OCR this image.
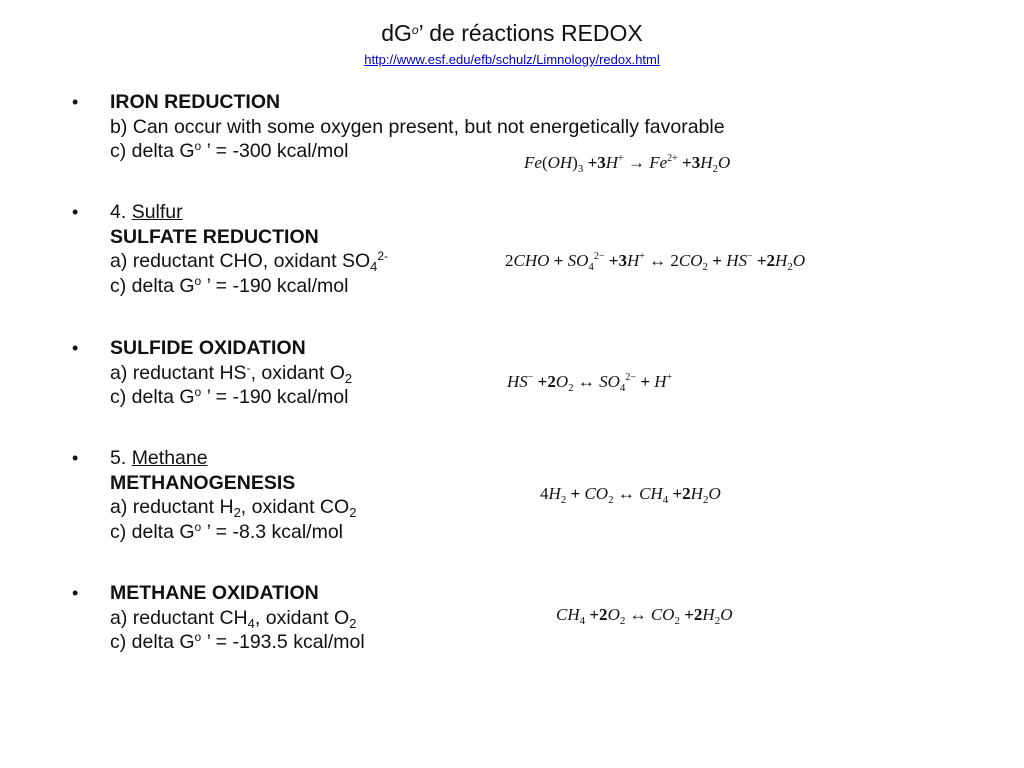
$dG^o$’ de réactions REDOX
http://www.esf.edu/efb/schulz/Limnology/redox.html
• IRON REDUCTION
b) Can occur with some oxygen present, but not energetically favorable
c) delta $G^o$ ’ = -300 kcal/mol
$Fe(OH)_3 +3H^+ \to Fe^{2+} +3H_2O$
• 4. Sulfur
SULFATE REDUCTION
a) reductant CHO, oxidant $SO_4^{2-}$
c) delta $G^o$ ’ = -190 kcal/mol
$2CHO + SO_4^{2-} +3H^+$ ↔ $2CO_2 + HS^- +2H_2O$
• SULFIDE OXIDATION
a) reductant HS-, oxidant $O_2$
c) delta $G^o$ ’ = -190 kcal/mol
$HS^- +2O_2$ ↔ $SO_4^{2-} + H^+$
• 5. Methane
METHANOGENESIS
a) reductant $H_2$, oxidant $CO_2$
c) delta $G^o$ ’ = -8.3 kcal/mol
$4H_2 + CO_2$ ↔ $CH_4 +2H_2O$
• METHANE OXIDATION
a) reductant $CH_4$, oxidant $O_2$
c) delta $G^o$ ’ = -193.5 kcal/mol
$CH_4 +2O_2$ ↔ $CO_2 +2H_2O$
